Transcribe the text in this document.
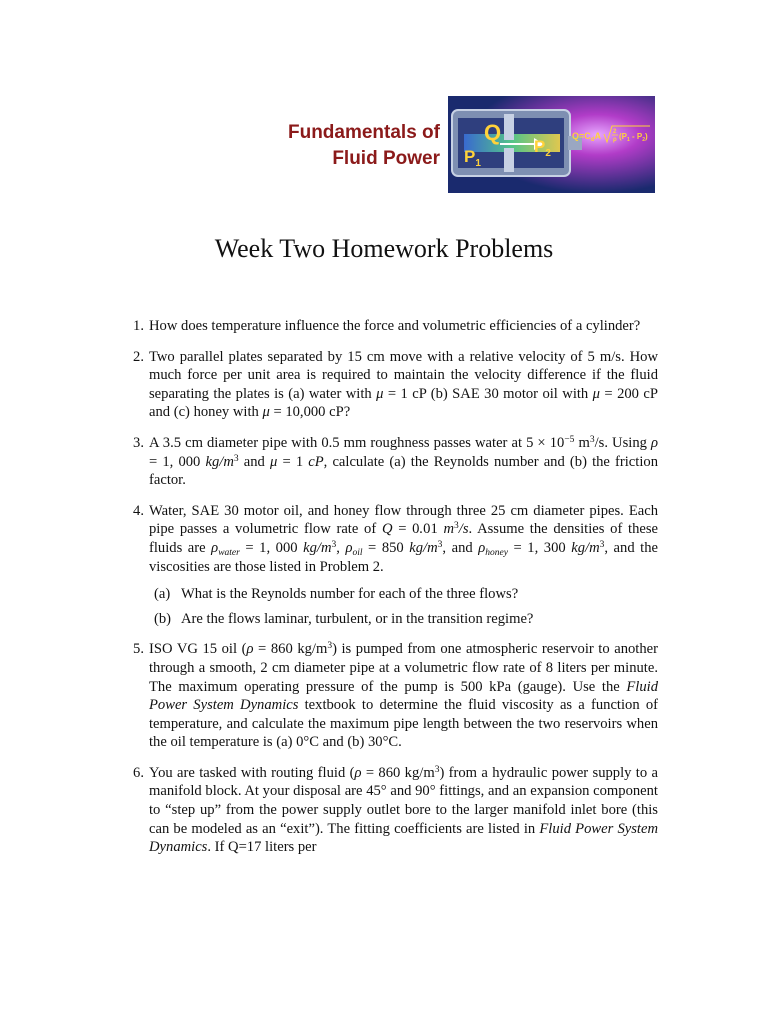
Fundamentals of
Fluid Power
Q
$P_1$
$P_2$
$Q=C_dA$ 2
ρ $(P_1 - P_2)$
Week Two Homework Problems
1. How does temperature influence the force and volumetric efficiencies of a cylinder?
2. Two parallel plates separated by 15 cm move with a relative velocity of 5 m/s. How much force per unit area is required to maintain the velocity difference if the fluid separating the plates is (a) water with μ = 1 cP (b) SAE 30 motor oil with μ = 200 cP and (c) honey with μ = 10,000 cP?
3. A 3.5 cm diameter pipe with 0.5 mm roughness passes water at $5 \times 10^{-5}$ $m^3/s$. Using ρ = 1, 000 $kg/m^3$ and μ = 1 cP, calculate (a) the Reynolds number and (b) the friction factor.
4. Water, SAE 30 motor oil, and honey flow through three 25 cm diameter pipes. Each pipe passes a volumetric flow rate of Q = 0.01 $m^3/s$. Assume the densities of these fluids are $\rho_{water} = 1$, 000 $kg/m^3$, $\rho_{oil} = 850$ $kg/m^3$, and $\rho_{honey} = 1$, 300 $kg/m^3$, and the viscosities are those listed in Problem 2.
(a) What is the Reynolds number for each of the three flows?
(b) Are the flows laminar, turbulent, or in the transition regime?
5. ISO VG 15 oil (ρ = 860 $kg/m^3$) is pumped from one atmospheric reservoir to another through a smooth, 2 cm diameter pipe at a volumetric flow rate of 8 liters per minute. The maximum operating pressure of the pump is 500 kPa (gauge). Use the Fluid Power System Dynamics textbook to determine the fluid viscosity as a function of temperature, and calculate the maximum pipe length between the two reservoirs when the oil temperature is (a) 0°C and (b) 30°C.
6. You are tasked with routing fluid (ρ = 860 $kg/m^3$) from a hydraulic power supply to a manifold block. At your disposal are 45° and 90° fittings, and an expansion component to “step up” from the power supply outlet bore to the larger manifold inlet bore (this can be modeled as an “exit”). The fitting coefficients are listed in Fluid Power System Dynamics. If Q=17 liters per
